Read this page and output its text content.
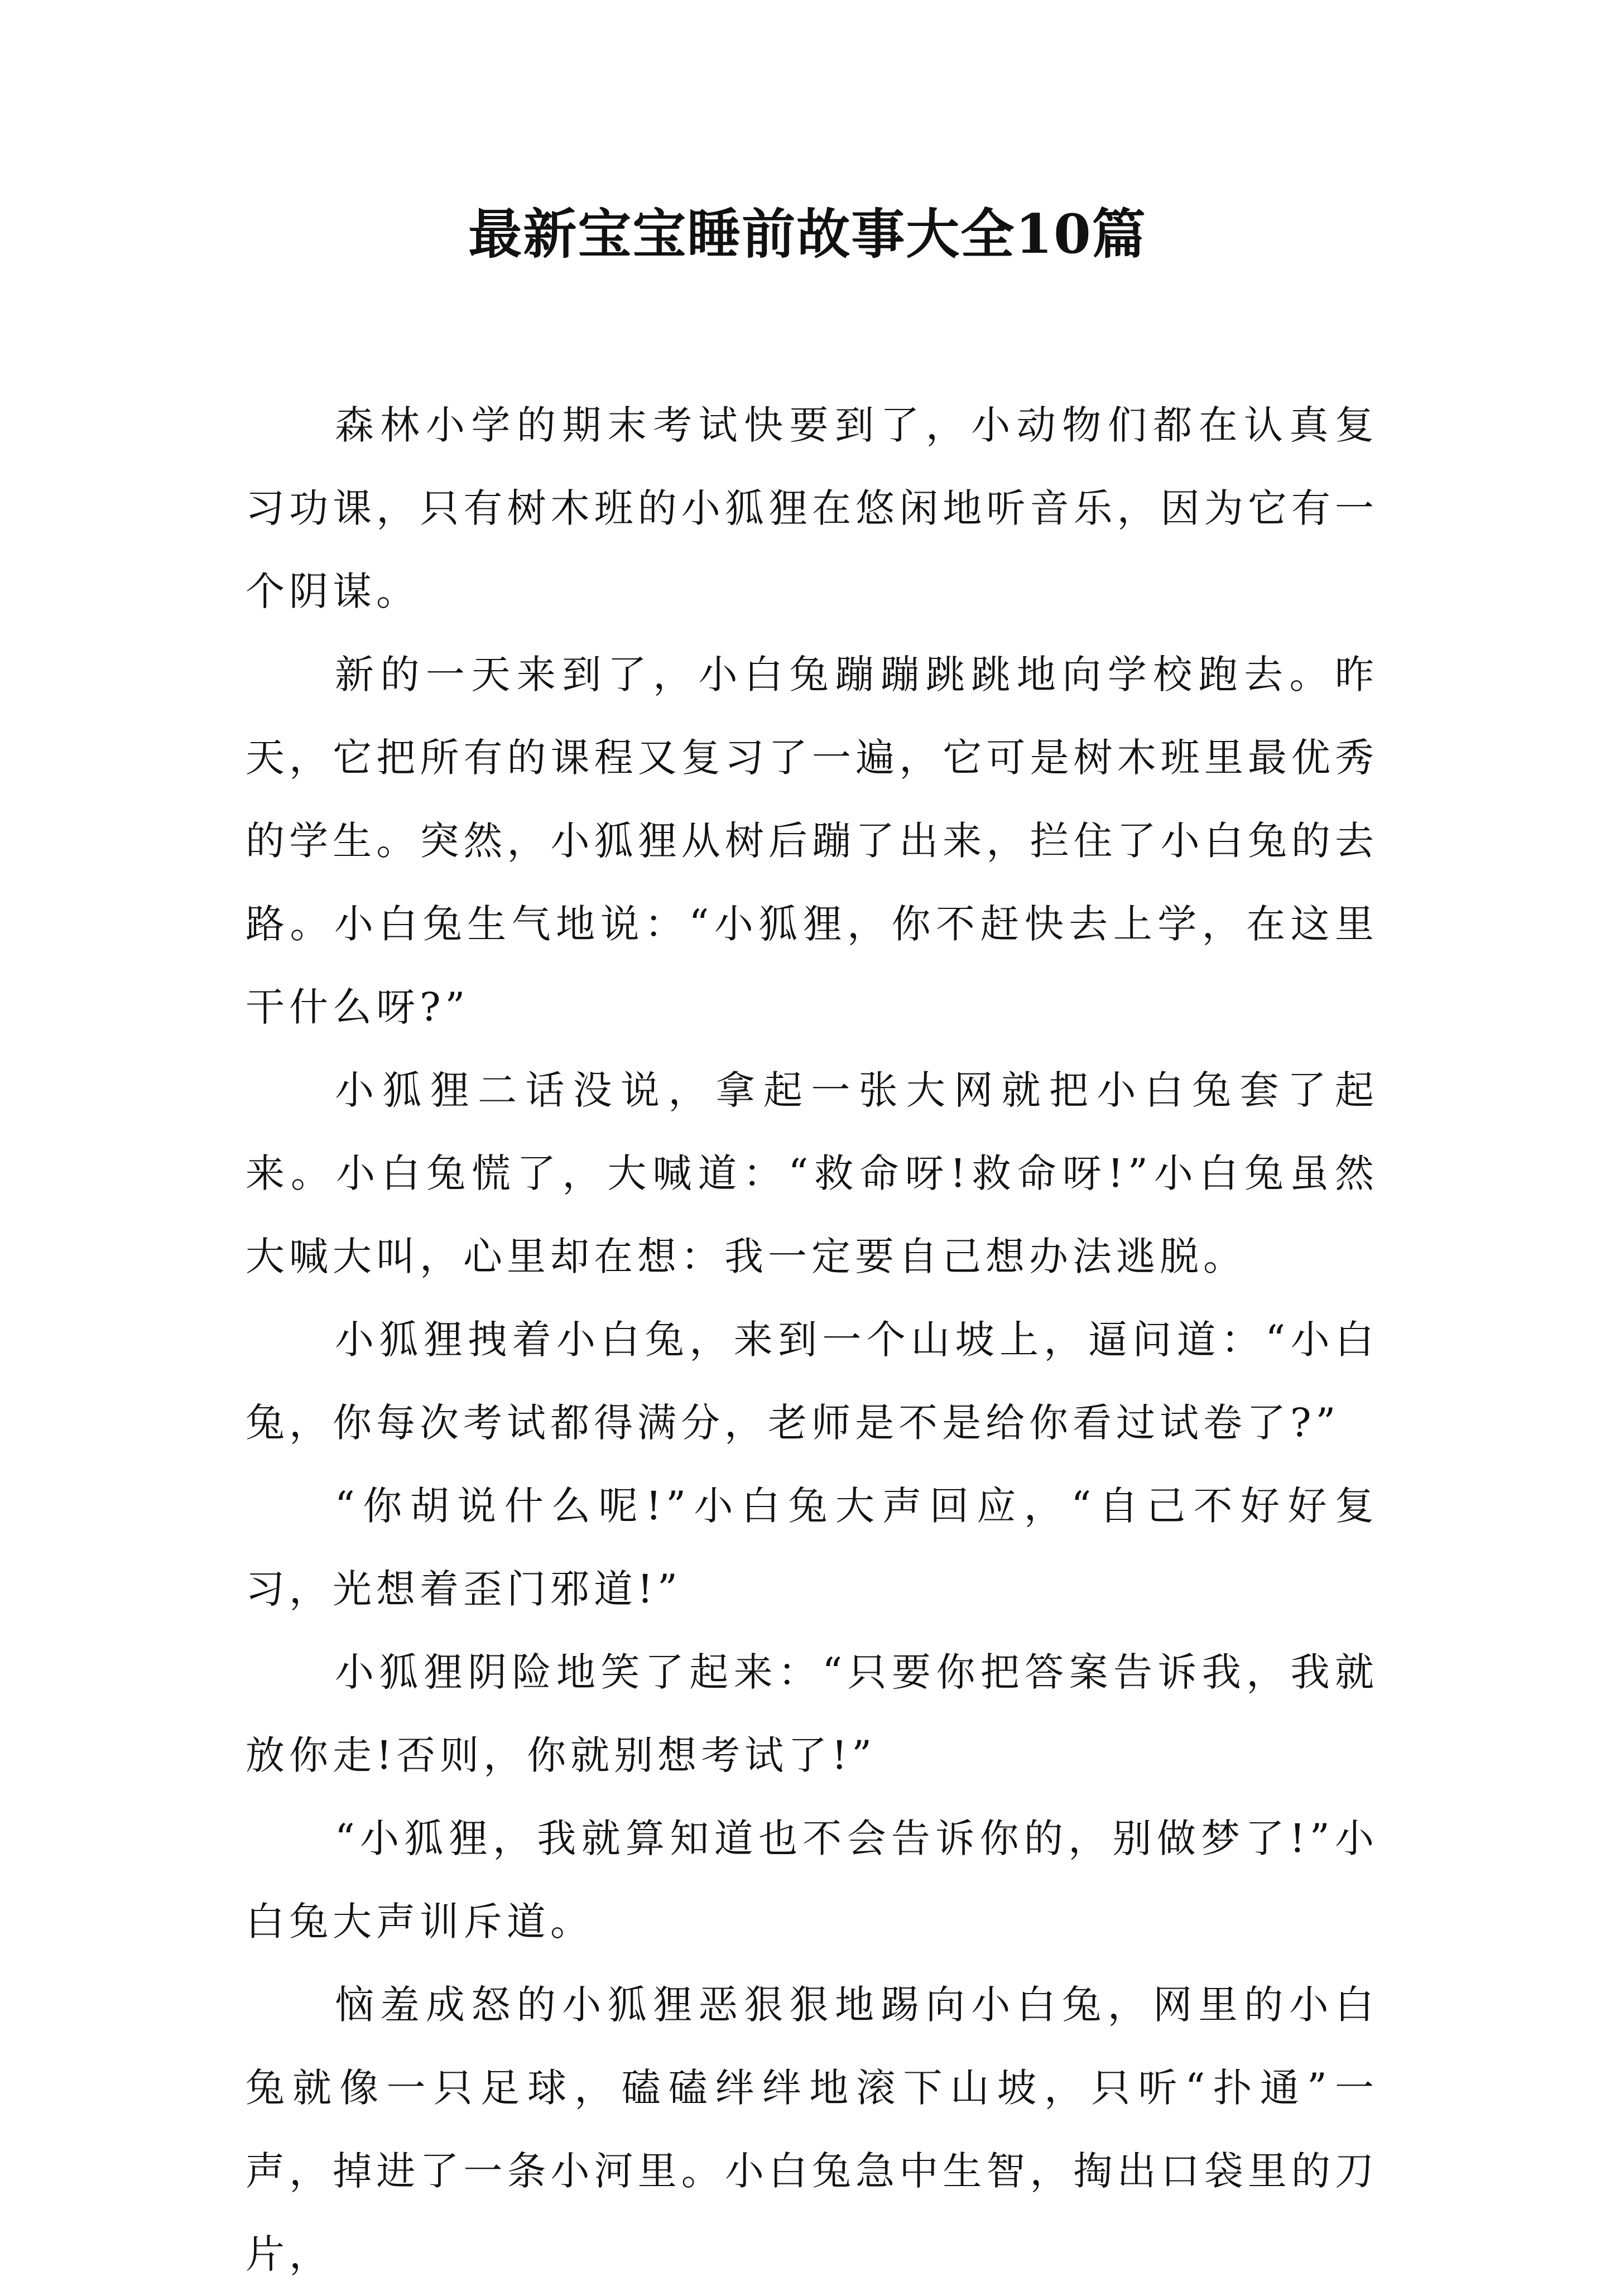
最新宝宝睡前故事大全10篇

森林小学的期末考试快要到了，小动物们都在认真复习功课，只有树木班的小狐狸在悠闲地听音乐，因为它有一个阴谋。

新的一天来到了，小白兔蹦蹦跳跳地向学校跑去。昨天，它把所有的课程又复习了一遍，它可是树木班里最优秀的学生。突然，小狐狸从树后蹦了出来，拦住了小白兔的去路。小白兔生气地说：“小狐狸，你不赶快去上学，在这里干什么呀?”

小狐狸二话没说，拿起一张大网就把小白兔套了起来。小白兔慌了，大喊道：“救命呀!救命呀!”小白兔虽然大喊大叫，心里却在想：我一定要自己想办法逃脱。

小狐狸拽着小白兔，来到一个山坡上，逼问道：“小白兔，你每次考试都得满分，老师是不是给你看过试卷了?”

“你胡说什么呢!”小白兔大声回应，“自己不好好复习，光想着歪门邪道!”

小狐狸阴险地笑了起来：“只要你把答案告诉我，我就放你走!否则，你就别想考试了!”

“小狐狸，我就算知道也不会告诉你的，别做梦了!”小白兔大声训斥道。

恼羞成怒的小狐狸恶狠狠地踢向小白兔，网里的小白兔就像一只足球，磕磕绊绊地滚下山坡，只听“扑通”一声，掉进了一条小河里。小白兔急中生智，掏出口袋里的刀片，
